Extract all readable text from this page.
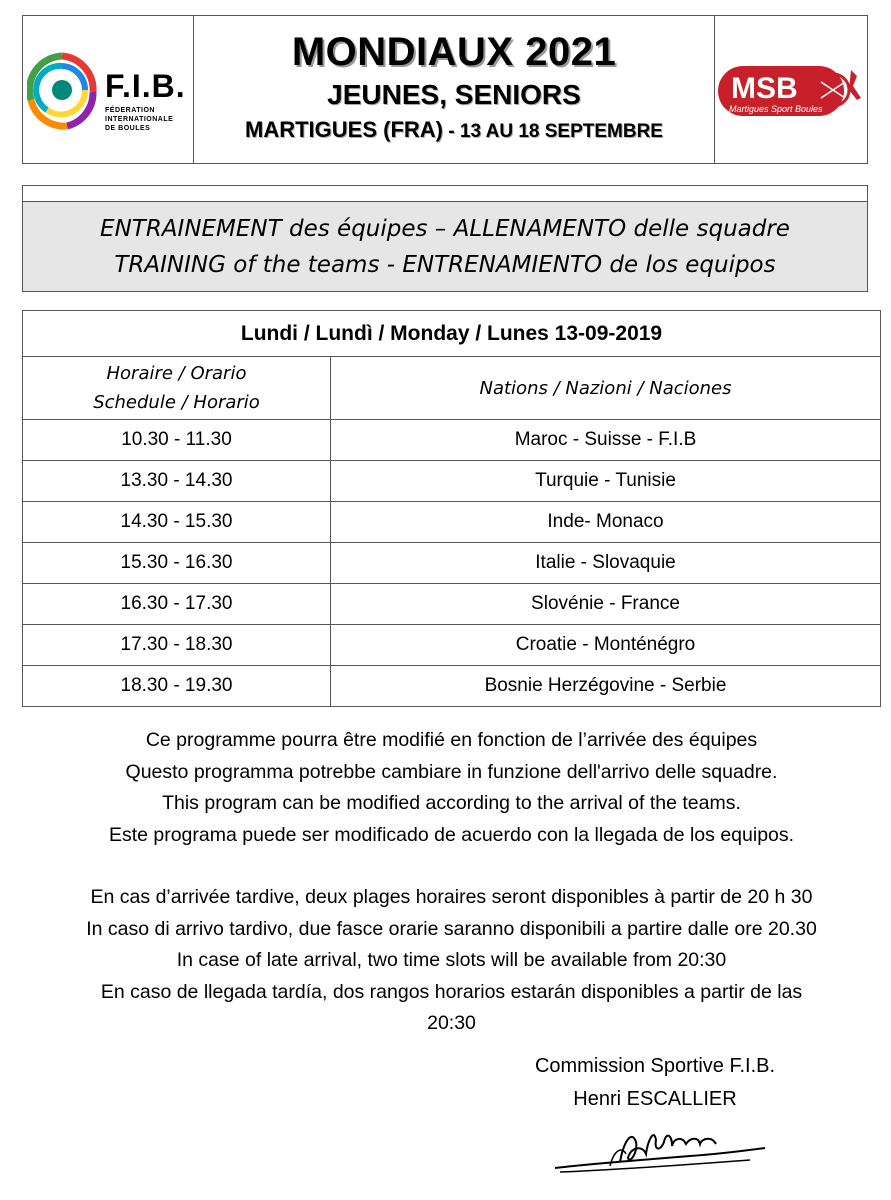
F.I.B.
FÉDERATION INTERNATIONALE DE BOULES
MONDIAUX 2021
JEUNES, SENIORS
MARTIGUES (FRA) - 13 AU 18 SEPTEMBRE
MSB
Martigues Sport Boules
ENTRAINEMENT des équipes – ALLENAMENTO delle squadre
TRAINING of the teams - ENTRENAMIENTO de los equipos
Lundi / Lundì / Monday / Lunes 13-09-2019	
Horaire / Orario
Schedule / Horario	Nations / Nazioni / Naciones
10.30 - 11.30	Maroc - Suisse - F.I.B
13.30 - 14.30	Turquie - Tunisie
14.30 - 15.30	Inde- Monaco
15.30 - 16.30	Italie - Slovaquie
16.30 - 17.30	Slovénie - France
17.30 - 18.30	Croatie - Monténégro
18.30 - 19.30	Bosnie Herzégovine - Serbie
Ce programme pourra être modifié en fonction de l’arrivée des équipes
Questo programma potrebbe cambiare in funzione dell'arrivo delle squadre.
This program can be modified according to the arrival of the teams.
Este programa puede ser modificado de acuerdo con la llegada de los equipos.
En cas d’arrivée tardive, deux plages horaires seront disponibles à partir de 20 h 30
In caso di arrivo tardivo, due fasce orarie saranno disponibili a partire dalle ore 20.30
In case of late arrival, two time slots will be available from 20:30
En caso de llegada tardía, dos rangos horarios estarán disponibles a partir de las
20:30
Commission Sportive F.I.B.
Henri ESCALLIER
